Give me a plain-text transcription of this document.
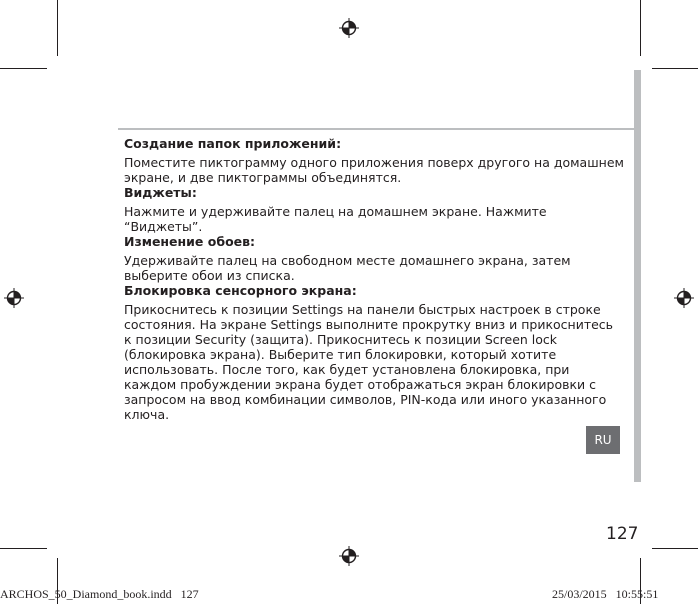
Создание папок приложений:

Поместите пиктограмму одного приложения поверх другого на домашнем экране, и две пиктограммы объединятся.

Виджеты:

Нажмите и удерживайте палец на домашнем экране. Нажмите “Виджеты”.

Изменение обоев:

Удерживайте палец на свободном месте домашнего экрана, затем выберите обои из списка.

Блокировка сенсорного экрана:

Прикоснитесь к позиции Settings на панели быстрых настроек в строке состояния. На экране Settings выполните прокрутку вниз и прикоснитесь к позиции Security (защита). Прикоснитесь к позиции Screen lock (блокировка экрана). Выберите тип блокировки, который хотите использовать. После того, как будет установлена блокировка, при каждом пробуждении экрана будет отображаться экран блокировки с запросом на ввод комбинации символов, PIN-кода или иного указанного ключа.

RU
127
ARCHOS_50_Diamond_book.indd   127	25/03/2015   10:55:51
